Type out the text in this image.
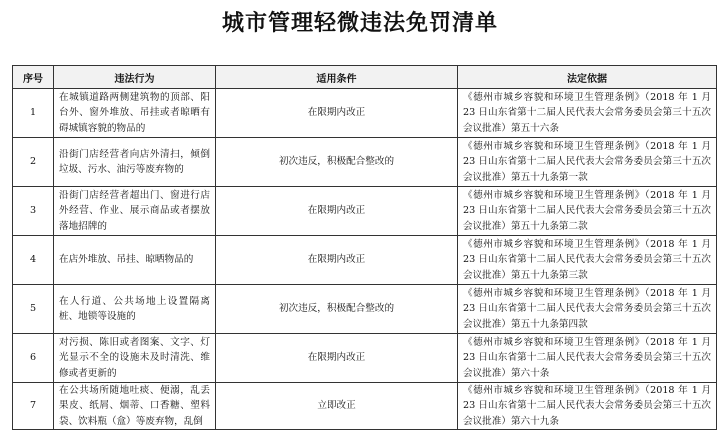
城市管理轻微违法免罚清单
序号	违法行为	适用条件	法定依据
1	在城镇道路两侧建筑物的顶部、阳台外、窗外堆放、吊挂或者晾晒有碍城镇容貌的物品的	在限期内改正	《德州市城乡容貌和环境卫生管理条例》（2018 年 1 月 23 日山东省第十二届人民代表大会常务委员会第三十五次会议批准）第五十六条
2	沿街门店经营者向店外清扫，倾倒垃圾、污水、油污等废弃物的	初次违反，积极配合整改的	《德州市城乡容貌和环境卫生管理条例》（2018 年 1 月 23 日山东省第十二届人民代表大会常务委员会第三十五次会议批准）第五十九条第一款
3	沿街门店经营者超出门、窗进行店外经营、作业、展示商品或者摆放落地招牌的	在限期内改正	《德州市城乡容貌和环境卫生管理条例》（2018 年 1 月 23 日山东省第十二届人民代表大会常务委员会第三十五次会议批准）第五十九条第二款
4	在店外堆放、吊挂、晾晒物品的	在限期内改正	《德州市城乡容貌和环境卫生管理条例》（2018 年 1 月 23 日山东省第十二届人民代表大会常务委员会第三十五次会议批准）第五十九条第三款
5	在人行道、公共场地上设置隔离桩、地锁等设施的	初次违反，积极配合整改的	《德州市城乡容貌和环境卫生管理条例》（2018 年 1 月 23 日山东省第十二届人民代表大会常务委员会第三十五次会议批准）第五十九条第四款
6	对污损、陈旧或者图案、文字、灯光显示不全的设施未及时清洗、维修或者更新的	在限期内改正	《德州市城乡容貌和环境卫生管理条例》（2018 年 1 月 23 日山东省第十二届人民代表大会常务委员会第三十五次会议批准）第六十条
7	在公共场所随地吐痰、便溺，乱丢果皮、纸屑、烟蒂、口香糖、塑料袋、饮料瓶（盒）等废弃物，乱倒	立即改正	《德州市城乡容貌和环境卫生管理条例》（2018 年 1 月 23 日山东省第十二届人民代表大会常务委员会第三十五次会议批准）第六十九条
